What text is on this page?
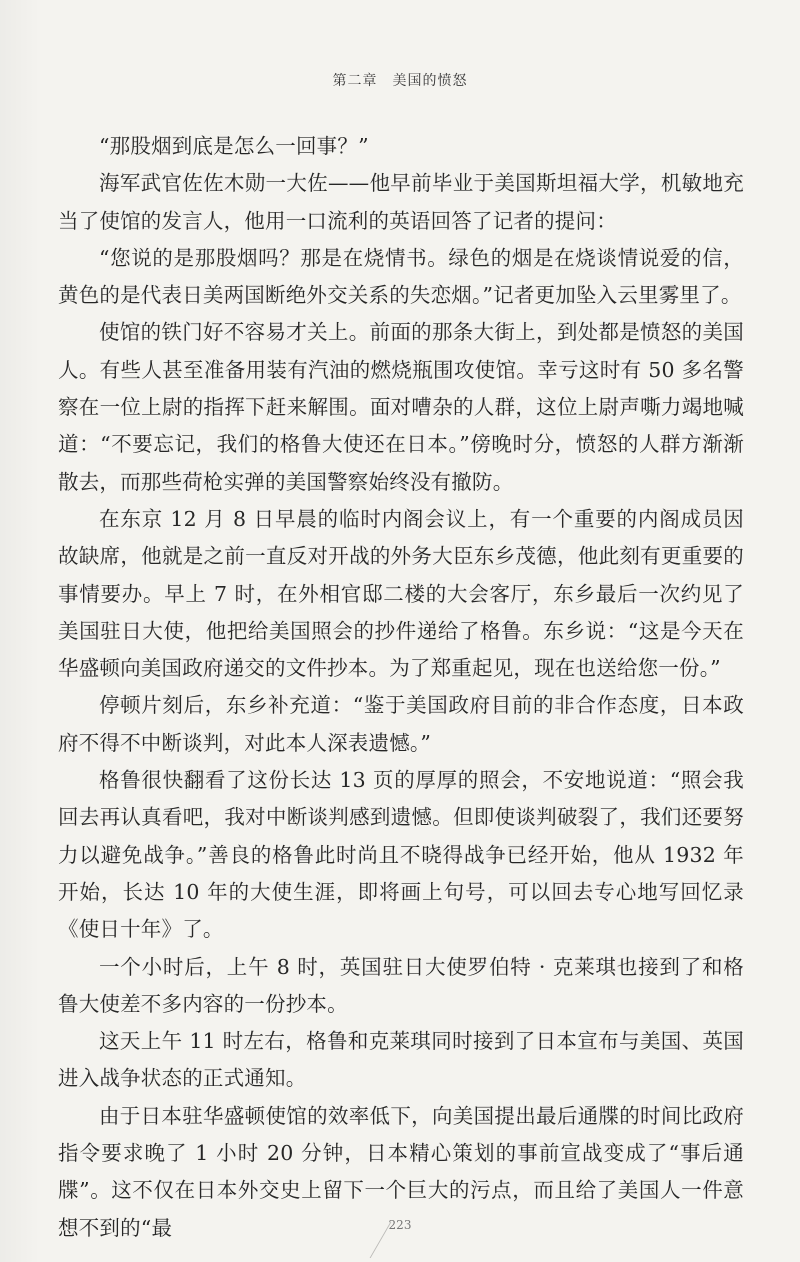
第二章　美国的愤怒

“那股烟到底是怎么一回事？”

海军武官佐佐木勋一大佐——他早前毕业于美国斯坦福大学，机敏地充当了使馆的发言人，他用一口流利的英语回答了记者的提问：

“您说的是那股烟吗？那是在烧情书。绿色的烟是在烧谈情说爱的信，黄色的是代表日美两国断绝外交关系的失恋烟。”记者更加坠入云里雾里了。

使馆的铁门好不容易才关上。前面的那条大街上，到处都是愤怒的美国人。有些人甚至准备用装有汽油的燃烧瓶围攻使馆。幸亏这时有 50 多名警察在一位上尉的指挥下赶来解围。面对嘈杂的人群，这位上尉声嘶力竭地喊道：“不要忘记，我们的格鲁大使还在日本。”傍晚时分，愤怒的人群方渐渐散去，而那些荷枪实弹的美国警察始终没有撤防。

在东京 12 月 8 日早晨的临时内阁会议上，有一个重要的内阁成员因故缺席，他就是之前一直反对开战的外务大臣东乡茂德，他此刻有更重要的事情要办。早上 7 时，在外相官邸二楼的大会客厅，东乡最后一次约见了美国驻日大使，他把给美国照会的抄件递给了格鲁。东乡说：“这是今天在华盛顿向美国政府递交的文件抄本。为了郑重起见，现在也送给您一份。”

停顿片刻后，东乡补充道：“鉴于美国政府目前的非合作态度，日本政府不得不中断谈判，对此本人深表遗憾。”

格鲁很快翻看了这份长达 13 页的厚厚的照会，不安地说道：“照会我回去再认真看吧，我对中断谈判感到遗憾。但即使谈判破裂了，我们还要努力以避免战争。”善良的格鲁此时尚且不晓得战争已经开始，他从 1932 年开始，长达 10 年的大使生涯，即将画上句号，可以回去专心地写回忆录《使日十年》了。

一个小时后，上午 8 时，英国驻日大使罗伯特 · 克莱琪也接到了和格鲁大使差不多内容的一份抄本。

这天上午 11 时左右，格鲁和克莱琪同时接到了日本宣布与美国、英国进入战争状态的正式通知。

由于日本驻华盛顿使馆的效率低下，向美国提出最后通牒的时间比政府指令要求晚了 1 小时 20 分钟，日本精心策划的事前宣战变成了“事后通牒”。这不仅在日本外交史上留下一个巨大的污点，而且给了美国人一件意想不到的“最	223
